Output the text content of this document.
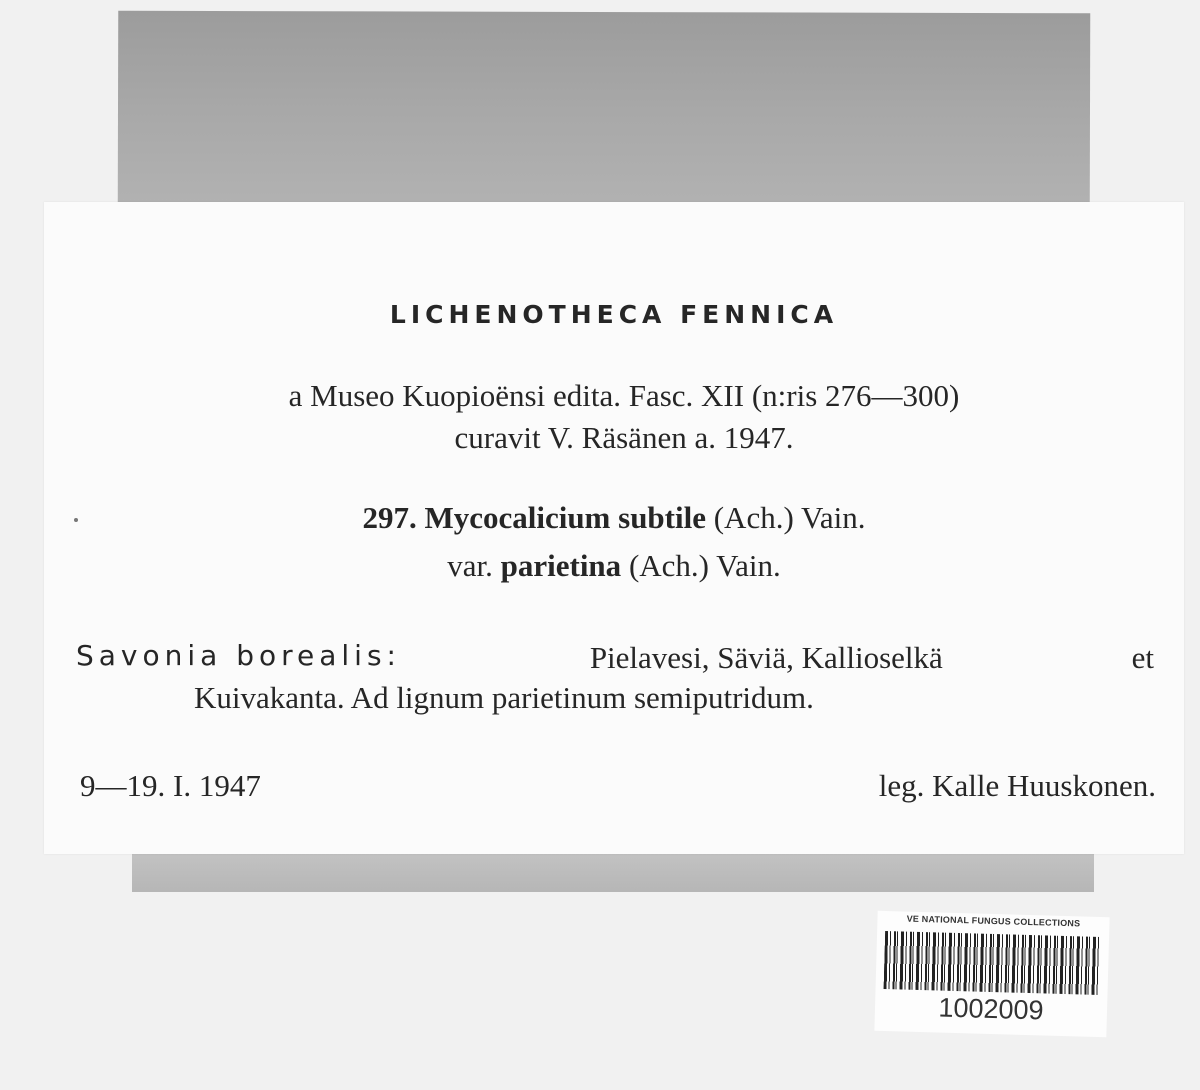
LICHENOTHECA FENNICA
a Museo Kuopioënsi edita. Fasc. XII (n:ris 276—300)
curavit V. Räsänen a. 1947.
297. Mycocalicium subtile (Ach.) Vain.
var. parietina (Ach.) Vain.
Savonia borealis:	Pielavesi, Säviä, Kallioselkä	et
Kuivakanta. Ad lignum parietinum semiputridum.
9—19. I. 1947	leg. Kalle Huuskonen.
VE NATIONAL FUNGUS COLLECTIONS
1002009
